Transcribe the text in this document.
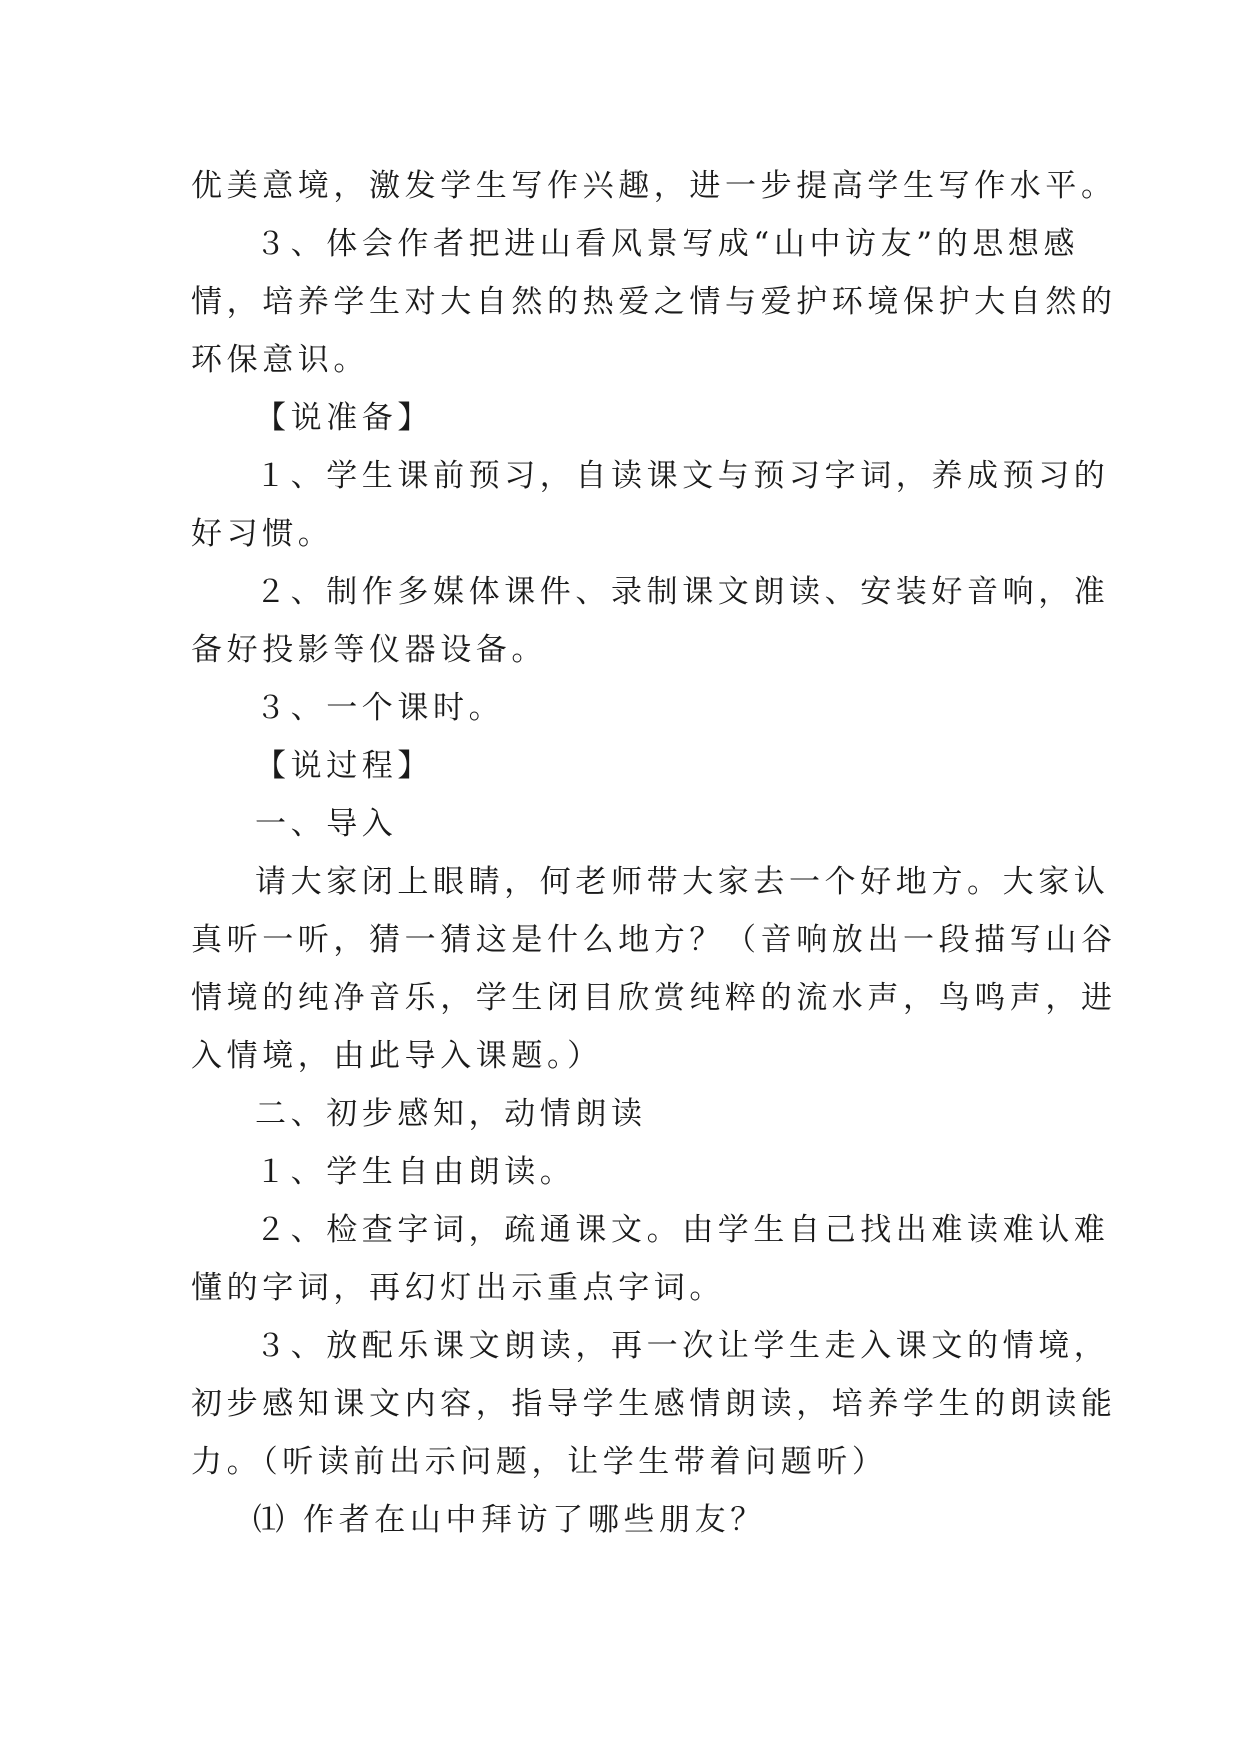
优美意境，激发学生写作兴趣，进一步提高学生写作水平。
３、体会作者把进山看风景写成“山中访友”的思想感
情，培养学生对大自然的热爱之情与爱护环境保护大自然的
环保意识。
【说准备】
１、学生课前预习，自读课文与预习字词，养成预习的
好习惯。
２、制作多媒体课件、录制课文朗读、安装好音响，准
备好投影等仪器设备。
３、一个课时。
【说过程】
一、导入
请大家闭上眼睛，何老师带大家去一个好地方。大家认
真听一听，猜一猜这是什么地方？（音响放出一段描写山谷
情境的纯净音乐，学生闭目欣赏纯粹的流水声，鸟鸣声，进
入情境，由此导入课题。）
二、初步感知，动情朗读
１、学生自由朗读。
２、检查字词，疏通课文。由学生自己找出难读难认难
懂的字词，再幻灯出示重点字词。
３、放配乐课文朗读，再一次让学生走入课文的情境，
初步感知课文内容，指导学生感情朗读，培养学生的朗读能
力。（听读前出示问题，让学生带着问题听）
⑴ 作者在山中拜访了哪些朋友？
